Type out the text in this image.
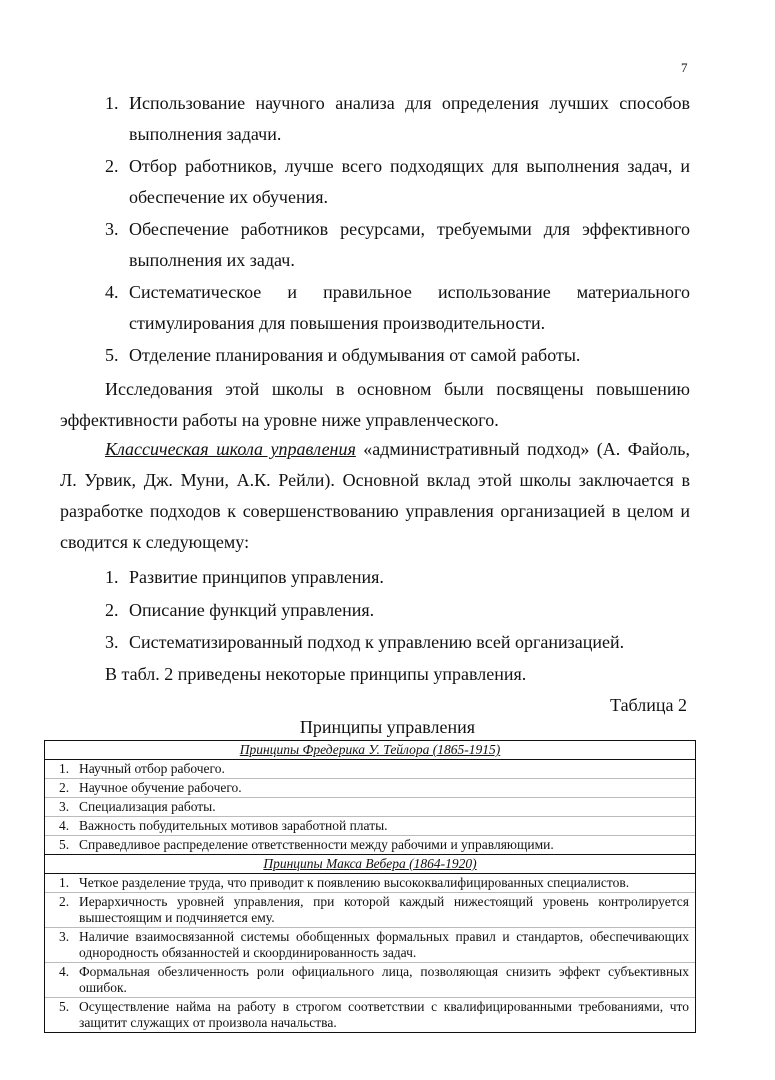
7
1. Использование научного анализа для определения лучших способов выполнения задачи.
2. Отбор работников, лучше всего подходящих для выполнения задач, и обеспечение их обучения.
3. Обеспечение работников ресурсами, требуемыми для эффективного выполнения их задач.
4. Систематическое и правильное использование материального стимулирования для повышения производительности.
5. Отделение планирования и обдумывания от самой работы.
Исследования этой школы в основном были посвящены повышению эффективности работы на уровне ниже управленческого.
Классическая школа управления «административный подход» (А. Файоль, Л. Урвик, Дж. Муни, А.К. Рейли). Основной вклад этой школы заключается в разработке подходов к совершенствованию управления организацией в целом и сводится к следующему:
1. Развитие принципов управления.
2. Описание функций управления.
3. Систематизированный подход к управлению всей организацией.
В табл. 2 приведены некоторые принципы управления.
Таблица 2
Принципы управления
Принципы Фредерика У. Тейлора (1865-1915)
1. Научный отбор рабочего.
2. Научное обучение рабочего.
3. Специализация работы.
4. Важность побудительных мотивов заработной платы.
5. Справедливое распределение ответственности между рабочими и управляющими.
Принципы Макса Вебера (1864-1920)
1. Четкое разделение труда, что приводит к появлению высококвалифицированных специалистов.
2. Иерархичность уровней управления, при которой каждый нижестоящий уровень контролируется вышестоящим и подчиняется ему.
3. Наличие взаимосвязанной системы обобщенных формальных правил и стандартов, обеспечивающих однородность обязанностей и скоординированность задач.
4. Формальная обезличенность роли официального лица, позволяющая снизить эффект субъективных ошибок.
5. Осуществление найма на работу в строгом соответствии с квалифицированными требованиями, что защитит служащих от произвола начальства.
